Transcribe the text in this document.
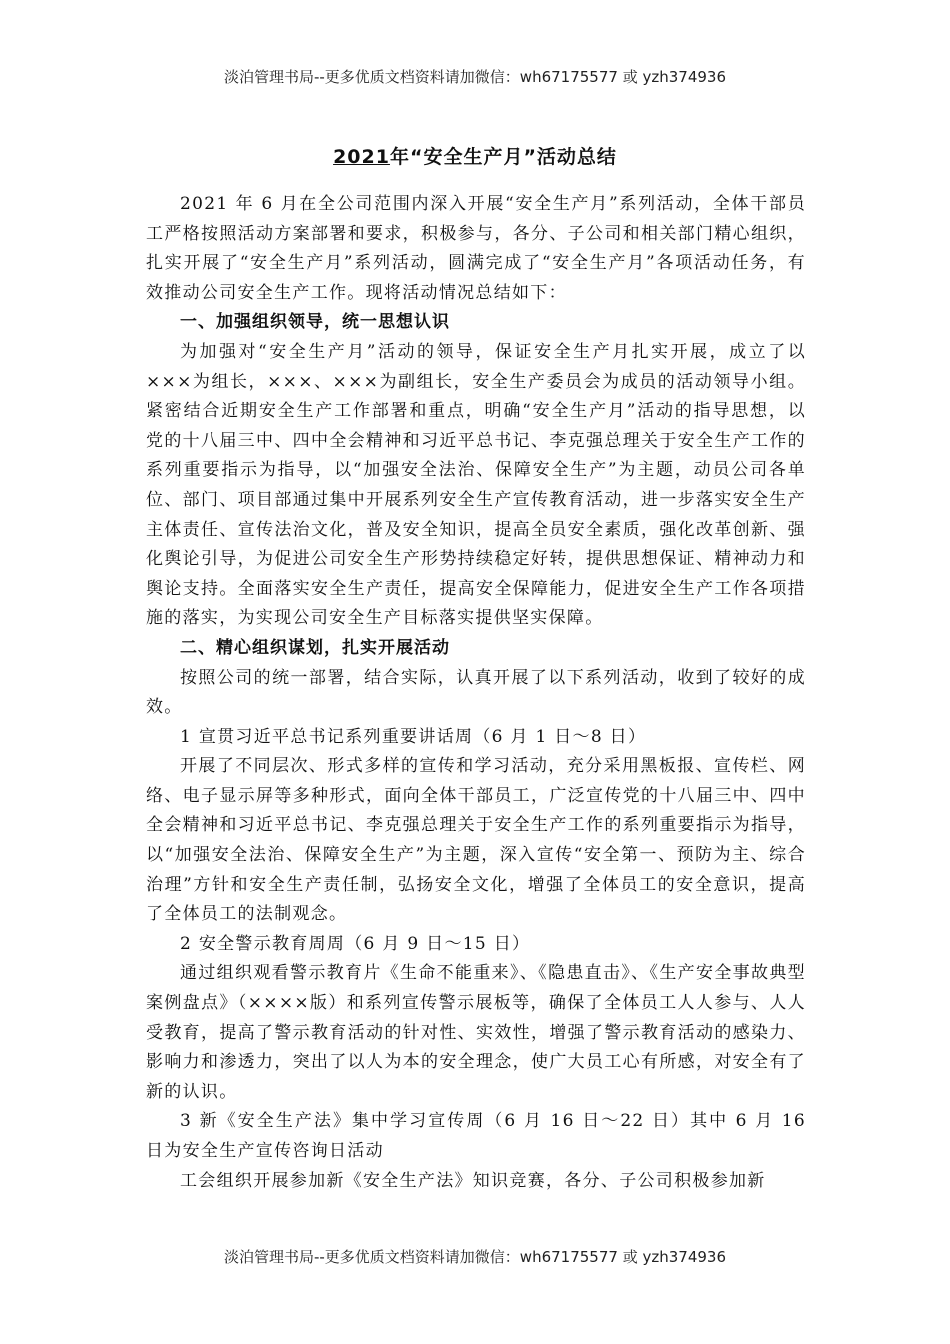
淡泊管理书局--更多优质文档资料请加微信：wh67175577 或 yzh374936
2021年“安全生产月”活动总结

2021 年 6 月在全公司范围内深入开展“安全生产月”系列活动，全体干部员工严格按照活动方案部署和要求，积极参与，各分、子公司和相关部门精心组织，扎实开展了“安全生产月”系列活动，圆满完成了“安全生产月”各项活动任务，有效推动公司安全生产工作。现将活动情况总结如下：

一、加强组织领导，统一思想认识

为加强对“安全生产月”活动的领导，保证安全生产月扎实开展，成立了以×××为组长，×××、×××为副组长，安全生产委员会为成员的活动领导小组。紧密结合近期安全生产工作部署和重点，明确“安全生产月”活动的指导思想，以党的十八届三中、四中全会精神和习近平总书记、李克强总理关于安全生产工作的系列重要指示为指导，以“加强安全法治、保障安全生产”为主题，动员公司各单位、部门、项目部通过集中开展系列安全生产宣传教育活动，进一步落实安全生产主体责任、宣传法治文化，普及安全知识，提高全员安全素质，强化改革创新、强化舆论引导，为促进公司安全生产形势持续稳定好转，提供思想保证、精神动力和舆论支持。全面落实安全生产责任，提高安全保障能力，促进安全生产工作各项措施的落实，为实现公司安全生产目标落实提供坚实保障。

二、精心组织谋划，扎实开展活动

按照公司的统一部署，结合实际，认真开展了以下系列活动，收到了较好的成效。

1 宣贯习近平总书记系列重要讲话周（6 月 1 日～8 日）

开展了不同层次、形式多样的宣传和学习活动，充分采用黑板报、宣传栏、网络、电子显示屏等多种形式，面向全体干部员工，广泛宣传党的十八届三中、四中全会精神和习近平总书记、李克强总理关于安全生产工作的系列重要指示为指导，以“加强安全法治、保障安全生产”为主题，深入宣传“安全第一、预防为主、综合治理”方针和安全生产责任制，弘扬安全文化，增强了全体员工的安全意识，提高了全体员工的法制观念。

2 安全警示教育周周（6 月 9 日～15 日）

通过组织观看警示教育片《生命不能重来》、《隐患直击》、《生产安全事故典型案例盘点》（××××版）和系列宣传警示展板等，确保了全体员工人人参与、人人受教育，提高了警示教育活动的针对性、实效性，增强了警示教育活动的感染力、影响力和渗透力，突出了以人为本的安全理念，使广大员工心有所感，对安全有了新的认识。

3 新《安全生产法》集中学习宣传周（6 月 16 日～22 日）其中 6 月 16 日为安全生产宣传咨询日活动

工会组织开展参加新《安全生产法》知识竞赛，各分、子公司积极参加新

淡泊管理书局--更多优质文档资料请加微信：wh67175577 或 yzh374936
